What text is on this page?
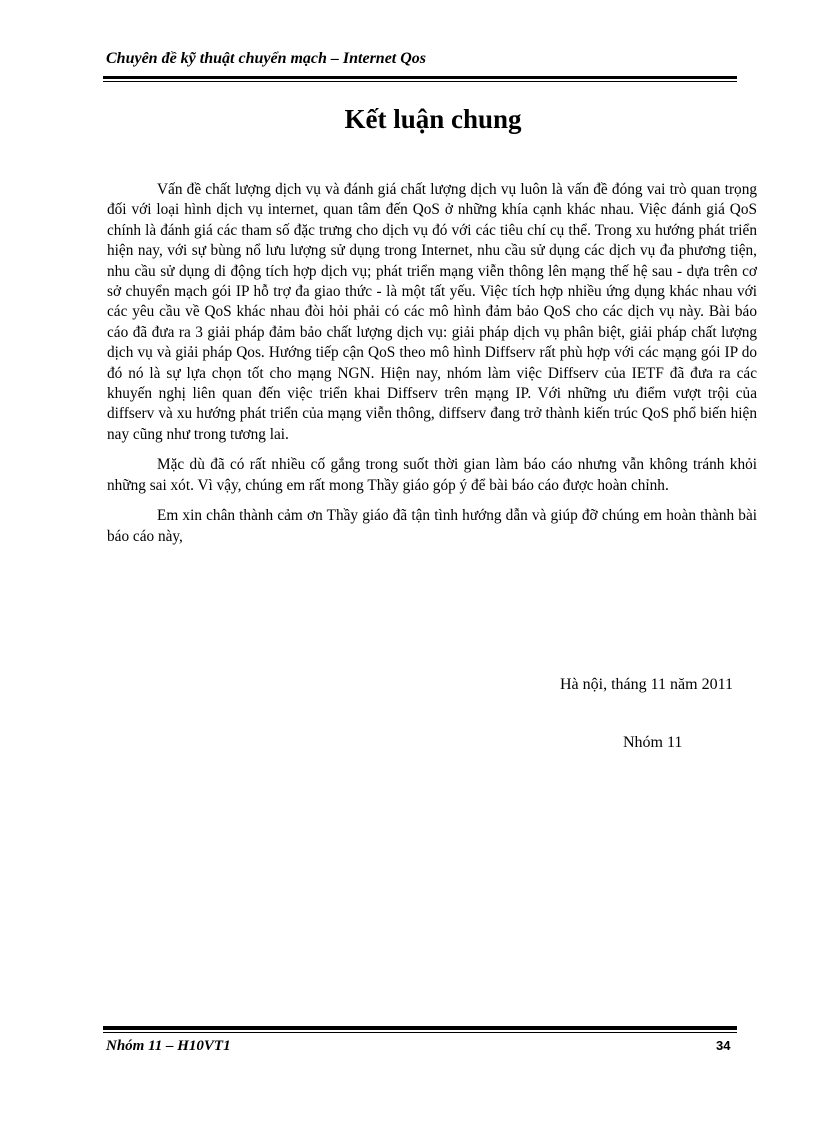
Chuyên đề kỹ thuật chuyển mạch – Internet Qos
Kết luận chung

Vấn đề chất lượng dịch vụ và đánh giá chất lượng dịch vụ luôn là vấn đề đóng vai trò quan trọng đối với loại hình dịch vụ internet, quan tâm đến QoS ở những khía cạnh khác nhau. Việc đánh giá QoS chính là đánh giá các tham số đặc trưng cho dịch vụ đó với các tiêu chí cụ thể. Trong xu hướng phát triển hiện nay, với sự bùng nổ lưu lượng sử dụng trong Internet, nhu cầu sử dụng các dịch vụ đa phương tiện, nhu cầu sử dụng di động tích hợp dịch vụ; phát triển mạng viễn thông lên mạng thế hệ sau - dựa trên cơ sở chuyển mạch gói IP hỗ trợ đa giao thức - là một tất yếu. Việc tích hợp nhiều ứng dụng khác nhau với các yêu cầu về QoS khác nhau đòi hỏi phải có các mô hình đảm bảo QoS cho các dịch vụ này. Bài báo cáo đã đưa ra 3 giải pháp đảm bảo chất lượng dịch vụ: giải pháp dịch vụ phân biệt, giải pháp chất lượng dịch vụ và giải pháp Qos. Hướng tiếp cận QoS theo mô hình Diffserv rất phù hợp với các mạng gói IP do đó nó là sự lựa chọn tốt cho mạng NGN. Hiện nay, nhóm làm việc Diffserv của IETF đã đưa ra các khuyến nghị liên quan đến việc triển khai Diffserv trên mạng IP. Với những ưu điểm vượt trội của diffserv và xu hướng phát triển của mạng viễn thông, diffserv đang trở thành kiến trúc QoS phổ biến hiện nay cũng như trong tương lai.

Mặc dù đã có rất nhiều cố gắng trong suốt thời gian làm báo cáo nhưng vẫn không tránh khỏi những sai xót. Vì vậy, chúng em rất mong Thầy giáo góp ý để bài báo cáo được hoàn chỉnh.

Em xin chân thành cảm ơn Thầy giáo đã tận tình hướng dẫn và giúp đỡ chúng em hoàn thành bài báo cáo này,

Hà nội, tháng 11 năm 2011
Nhóm 11
Nhóm 11 – H10VT1	34
